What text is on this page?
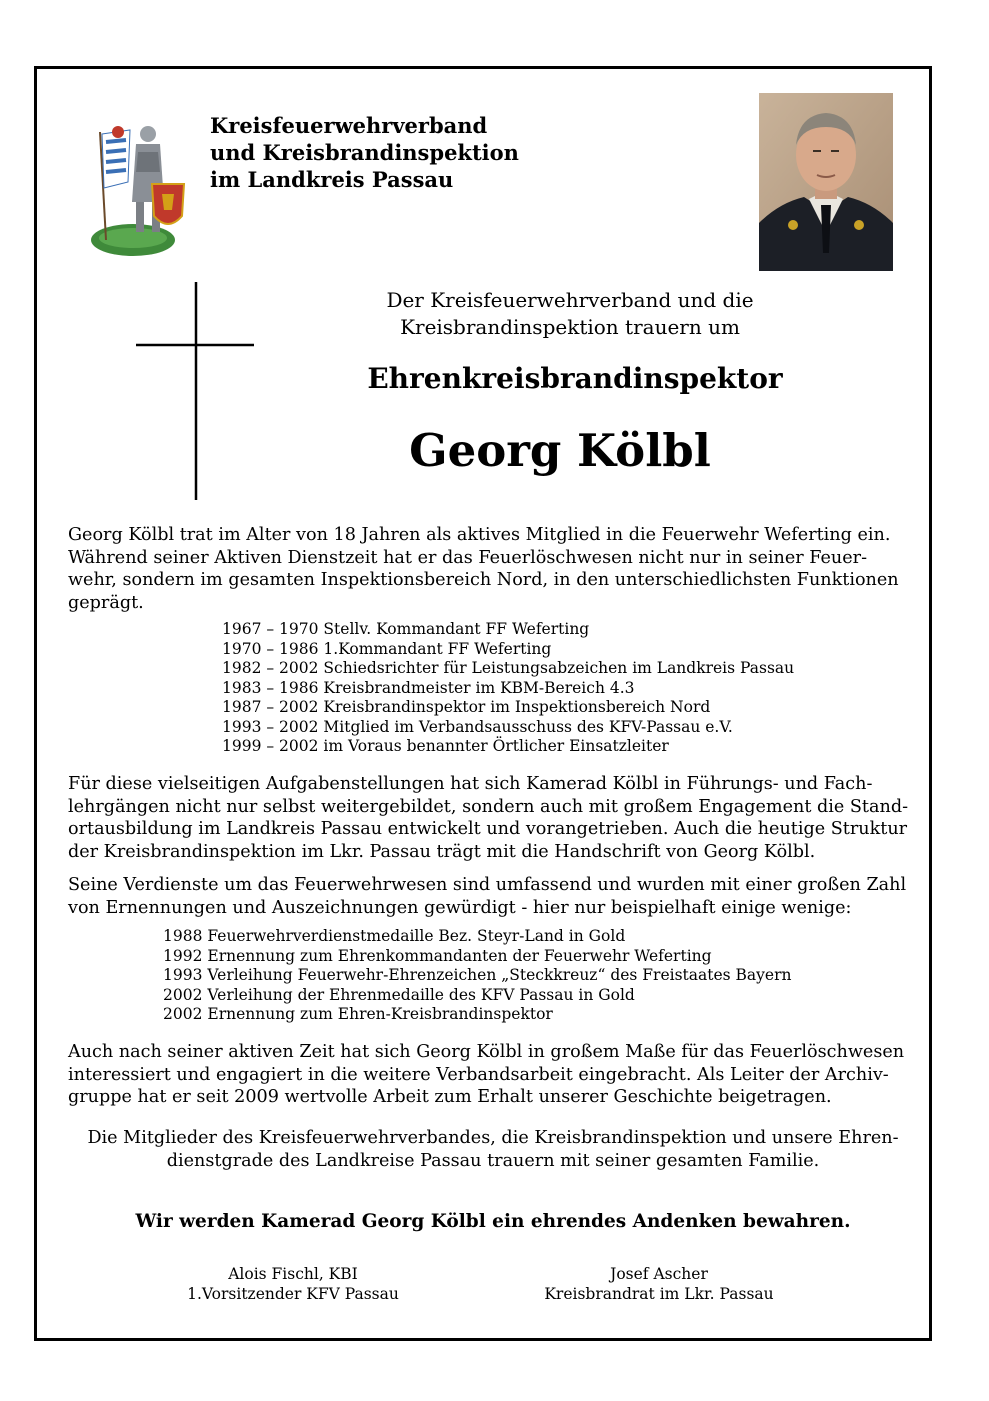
Kreisfeuerwehrverband
und Kreisbrandinspektion
im Landkreis Passau
Der Kreisfeuerwehrverband und die
Kreisbrandinspektion trauern um
Ehrenkreisbrandinspektor
Georg Kölbl
Georg Kölbl trat im Alter von 18 Jahren als aktives Mitglied in die Feuerwehr Weferting ein.
Während seiner Aktiven Dienstzeit hat er das Feuerlöschwesen nicht nur in seiner Feuer-
wehr, sondern im gesamten Inspektionsbereich Nord, in den unterschiedlichsten Funktionen
geprägt.
1967 – 1970 Stellv. Kommandant FF Weferting
1970 – 1986 1.Kommandant FF Weferting
1982 – 2002 Schiedsrichter für Leistungsabzeichen im Landkreis Passau
1983 – 1986 Kreisbrandmeister im KBM-Bereich 4.3
1987 – 2002 Kreisbrandinspektor im Inspektionsbereich Nord
1993 – 2002 Mitglied im Verbandsausschuss des KFV-Passau e.V.
1999 – 2002 im Voraus benannter Örtlicher Einsatzleiter
Für diese vielseitigen Aufgabenstellungen hat sich Kamerad Kölbl in Führungs- und Fach-
lehrgängen nicht nur selbst weitergebildet, sondern auch mit großem Engagement die Stand-
ortausbildung im Landkreis Passau entwickelt und vorangetrieben. Auch die heutige Struktur
der Kreisbrandinspektion im Lkr. Passau trägt mit die Handschrift von Georg Kölbl.
Seine Verdienste um das Feuerwehrwesen sind umfassend und wurden mit einer großen Zahl
von Ernennungen und Auszeichnungen gewürdigt - hier nur beispielhaft einige wenige:
1988 Feuerwehrverdienstmedaille Bez. Steyr-Land in Gold
1992 Ernennung zum Ehrenkommandanten der Feuerwehr Weferting
1993 Verleihung Feuerwehr-Ehrenzeichen „Steckkreuz“ des Freistaates Bayern
2002 Verleihung der Ehrenmedaille des KFV Passau in Gold
2002 Ernennung zum Ehren-Kreisbrandinspektor
Auch nach seiner aktiven Zeit hat sich Georg Kölbl in großem Maße für das Feuerlöschwesen
interessiert und engagiert in die weitere Verbandsarbeit eingebracht. Als Leiter der Archiv-
gruppe hat er seit 2009 wertvolle Arbeit zum Erhalt unserer Geschichte beigetragen.
Die Mitglieder des Kreisfeuerwehrverbandes, die Kreisbrandinspektion und unsere Ehren-
dienstgrade des Landkreise Passau trauern mit seiner gesamten Familie.
Wir werden Kamerad Georg Kölbl ein ehrendes Andenken bewahren.
Alois Fischl, KBI
1.Vorsitzender KFV Passau
Josef Ascher
Kreisbrandrat im Lkr. Passau
